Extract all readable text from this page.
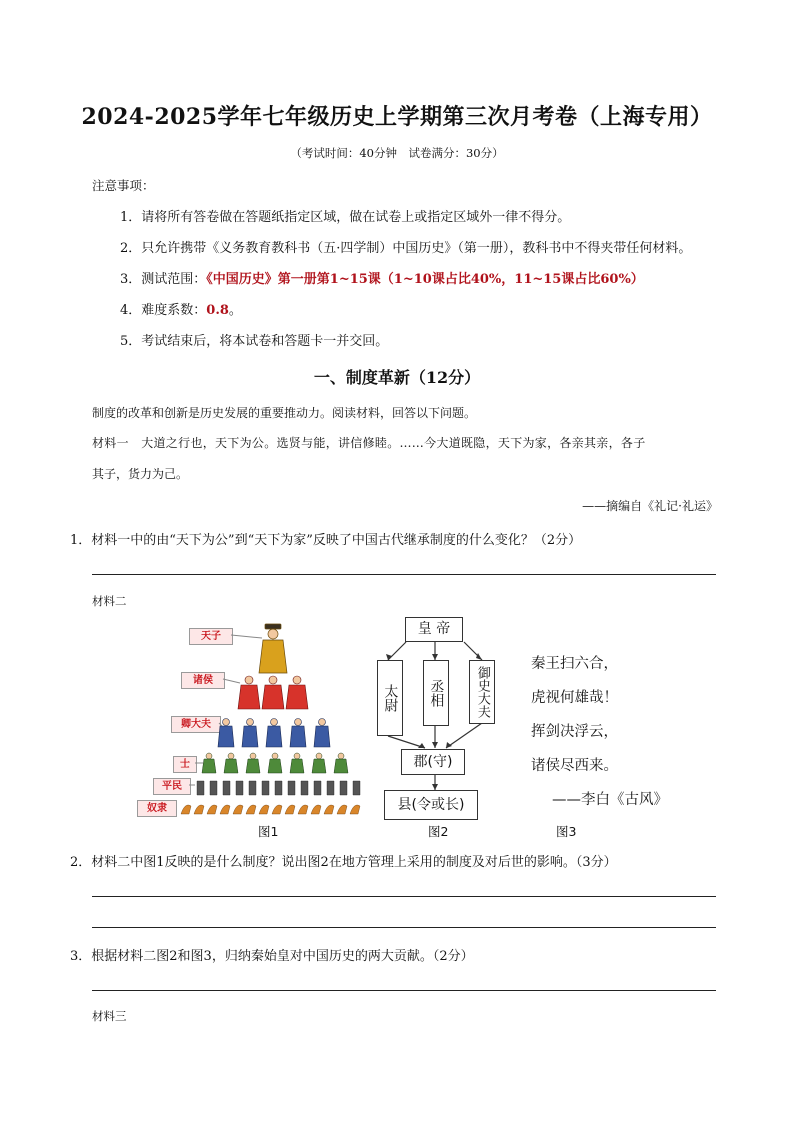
2024-2025学年七年级历史上学期第三次月考卷（上海专用）
（考试时间：40分钟　试卷满分：30分）
注意事项：
1．请将所有答卷做在答题纸指定区域，做在试卷上或指定区域外一律不得分。
2．只允许携带《义务教育教科书（五·四学制）中国历史》（第一册），教科书中不得夹带任何材料。
3．测试范围：《中国历史》第一册第1~15课（1~10课占比40%，11~15课占比60%）
4．难度系数：0.8。
5．考试结束后，将本试卷和答题卡一并交回。
一、制度革新（12分）
制度的改革和创新是历史发展的重要推动力。阅读材料，回答以下问题。
材料一　大道之行也，天下为公。选贤与能，讲信修睦。……今大道既隐，天下为家，各亲其亲，各子
其子，货力为己。
——摘编自《礼记·礼运》
1．材料一中的由“天下为公”到“天下为家”反映了中国古代继承制度的什么变化？（2分）
材料二
天子
诸侯
卿大夫
士
平民
奴隶
图1
皇 帝
太尉	丞相	御史大夫
郡(守)
县(令或长)
图2
秦王扫六合，
虎视何雄哉！
挥剑决浮云，
诸侯尽西来。
——李白《古风》
图3
2．材料二中图1反映的是什么制度？说出图2在地方管理上采用的制度及对后世的影响。（3分）
3．根据材料二图2和图3，归纳秦始皇对中国历史的两大贡献。（2分）
材料三
